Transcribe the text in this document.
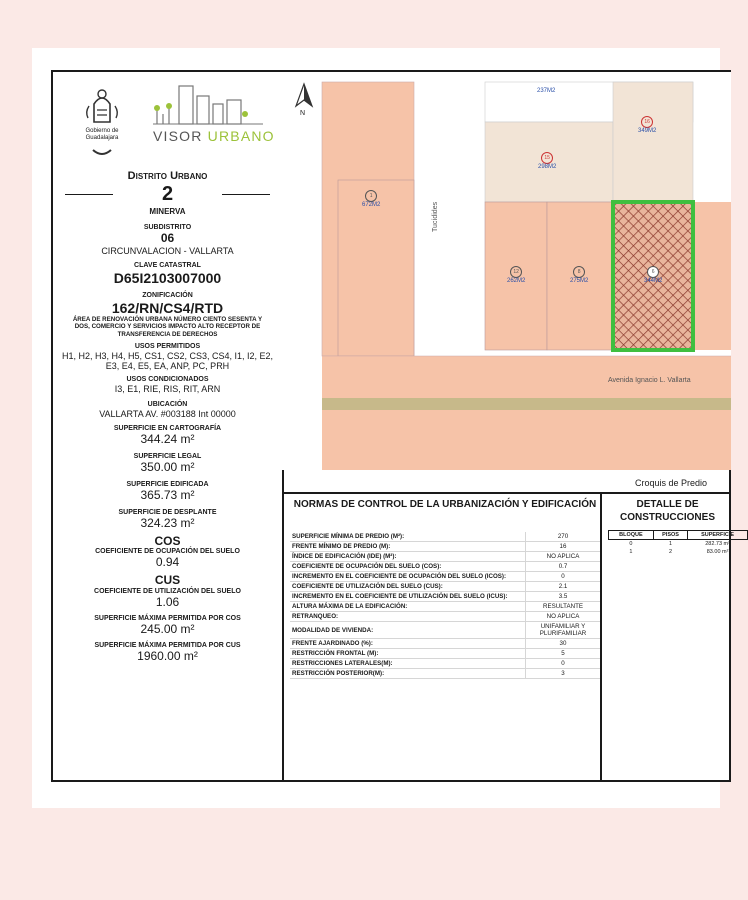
Gobierno de Guadalajara	VISOR URBANO
Distrito Urbano
2
MINERVA
SUBDISTRITO
06
CIRCUNVALACION - VALLARTA
CLAVE CATASTRAL
D65I2103007000
ZONIFICACIÓN
162/RN/CS4/RTD
ÁREA DE RENOVACIÓN URBANA NÚMERO CIENTO SESENTA Y DOS, COMERCIO Y SERVICIOS IMPACTO ALTO RECEPTOR DE TRANSFERENCIA DE DERECHOS
USOS PERMITIDOS
H1, H2, H3, H4, H5, CS1, CS2, CS3, CS4, I1, I2, E2, E3, E4, E5, EA, ANP, PC, PRH
USOS CONDICIONADOS
I3, E1, RIE, RIS, RIT, ARN
UBICACIÓN
VALLARTA AV. #003188 Int 00000
SUPERFICIE EN CARTOGRAFÍA
344.24 m²
SUPERFICIE LEGAL
350.00 m²
SUPERFICIE EDIFICADA
365.73 m²
SUPERFICIE DE DESPLANTE
324.23 m²
COS
COEFICIENTE DE OCUPACIÓN DEL SUELO
0.94
CUS
COEFICIENTE DE UTILIZACIÓN DEL SUELO
1.06
SUPERFICIE MÁXIMA PERMITIDA POR COS
245.00 m²
SUPERFICIE MÁXIMA PERMITIDA POR CUS
1960.00 m²
N
Tucídides
Avenida Ignacio L. Vallarta
237M2
16
349M2
15
298M2
1
672M2
12
262M2
8
275M2
6
344M2
Croquis de Predio
NORMAS DE CONTROL DE LA URBANIZACIÓN Y EDIFICACIÓN
SUPERFICIE MÍNIMA DE PREDIO (M²):	270
FRENTE MÍNIMO DE PREDIO (M):	16
ÍNDICE DE EDIFICACIÓN (IDE) (M²):	NO APLICA
COEFICIENTE DE OCUPACIÓN DEL SUELO (COS):	0.7
INCREMENTO EN EL COEFICIENTE DE OCUPACIÓN DEL SUELO (ICOS):	0
COEFICIENTE DE UTILIZACIÓN DEL SUELO (CUS):	2.1
INCREMENTO EN EL COEFICIENTE DE UTILIZACIÓN DEL SUELO (ICUS):	3.5
ALTURA MÁXIMA DE LA EDIFICACIÓN:	RESULTANTE
RETRANQUEO:	NO APLICA
MODALIDAD DE VIVIENDA:	UNIFAMILIAR Y PLURIFAMILIAR
FRENTE AJARDINADO (%):	30
RESTRICCIÓN FRONTAL (M):	5
RESTRICCIONES LATERALES(M):	0
RESTRICCIÓN POSTERIOR(M):	3
DETALLE DE CONSTRUCCIONES
BLOQUE	PISOS	SUPERFICIE
0	1	282.73 m²
1	2	83.00 m²
